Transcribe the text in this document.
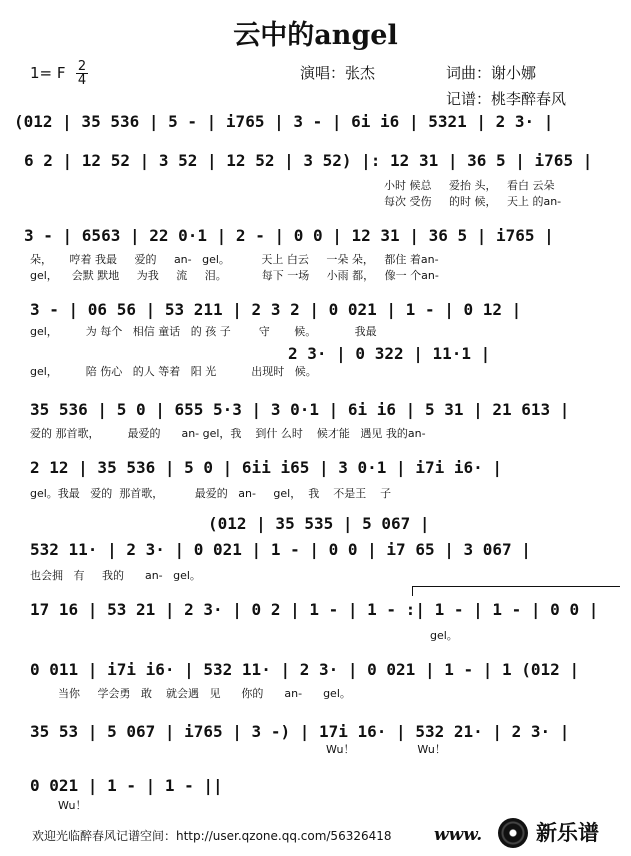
云中的angel
1= F $\frac{2}{4}$	演唱：张杰	词曲：谢小娜
记谱：桃李醉春风
(012 | 35 536 | 5 - | i765 | 3 - | 6i i6 | 5321 | 2 3· |
6 2 | 12 52 | 3 52 | 12 52 | 3 52) |: 12 31 | 36 5 | i765 |
小时 候总     爱抬 头，   看白 云朵
每次 受伤     的时 候，   天上 的an-
3 - | 6563 | 22 0·1 | 2 - | 0 0 | 12 31 | 36 5 | i765 |
朵，     哼着 我最     爱的     an-   gel。         天上 白云     一朵 朵，   都住 着an-
gel，    会默 默地     为我     流     泪。          每下 一场     小雨 都，   像一 个an-
3 - | 06 56 | 53 211 | 2 3 2 | 0 021 | 1 - | 0 12 |
gel，        为 每个   相信 童话   的 孩 子        守       候。           我最
2 3· | 0 322 | 11·1 |
gel，        陪 伤心   的人 等着   阳 光          出现时   候。
35 536 | 5 0 | 655 5·3 | 3 0·1 | 6i i6 | 5 31 | 21 613 |
爱的 那首歌，        最爱的      an- gel，我    到什 么时    候才能   遇见 我的an-
2 12 | 35 536 | 5 0 | 6ii i65 | 3 0·1 | i7i i6· |
gel。我最   爱的  那首歌，         最爱的   an-     gel，  我    不是王    子
(012 | 35 535 | 5 067 |
532 11· | 2 3· | 0 021 | 1 - | 0 0 | i7 65 | 3 067 |
也会拥   有     我的      an-   gel。
17 16 | 53 21 | 2 3· | 0 2 | 1 - | 1 - :| 1 - | 1 - | 0 0 |
gel。
0 011 | i7i i6· | 532 11· | 2 3· | 0 021 | 1 - | 1 (012 |
当你     学会勇   敢    就会遇   见      你的      an-      gel。
35 53 | 5 067 | i765 | 3 -) | 17i 16· | 532 21· | 2 3· |
Wu！                  Wu！
0 021 | 1 - | 1 - ||
Wu！
欢迎光临醉春风记谱空间：http://user.qzone.qq.com/56326418 www.	新乐谱
